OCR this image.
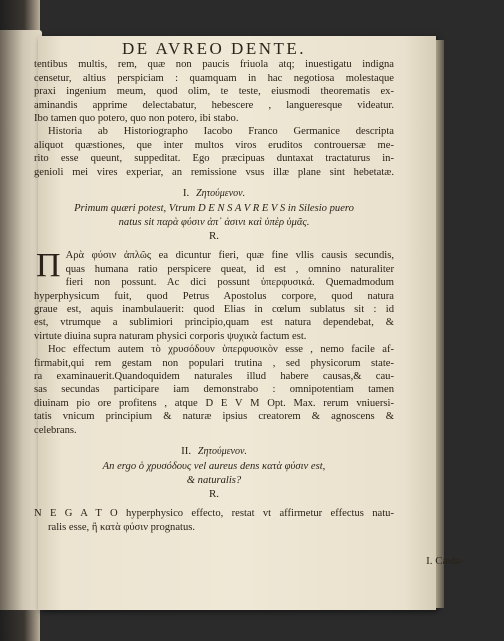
DE AVREO DENTE.
tentibus multis, rem, quæ non paucis friuola atq; inuestigatu indigna
censetur, altius perspiciam : quamquam in hac negotiosa molestaque
praxi ingenium meum, quod olim, te teste, eiusmodi theorematis ex-
aminandis apprime delectabatur, hebescere , langueresque videatur.
Ibo tamen quo potero, quo non potero, ibi stabo.
Historia ab Historiographo Iacobo Franco Germanice descripta
aliquot quæstiones, que inter multos viros eruditos controuersæ me-
rito esse queunt, suppeditat. Ego præcipuas duntaxat tractaturus in-
genioli mei vires experiar, an remissione vsus illæ plane sint hebetatæ.
I. Ζητούμενον.
Primum quæri potest, Vtrum D E N S A V R E V S in Silesio puero
natus sit παρὰ φύσιν ἀπ᾽ ἀσινι καὶ ὑπὲρ ὑμᾶς.
R.
Π Αρὰ φύσιν ἀπλῶς ea dicuntur fieri, quæ fine vllis causis secundis,
quas humana ratio perspicere queat, id est , omnino naturaliter
fieri non possunt. Ac dici possunt ὑπερφυσικά. Quemadmodum
hyperphysicum fuit, quod Petrus Apostolus corpore, quod natura
graue est, aquis inambulauerit: quod Elias in cœlum sublatus sit : id
est, vtrumque a sublimiori principio,quam est natura dependebat, &
virtute diuina supra naturam physici corporis ψυχικὰ factum est.
Hoc effectum autem τὸ χρυσόδουν ὑπερφυσικὸν esse , nemo facile af-
firmabit,qui rem gestam non populari trutina , sed physicorum state-
ra examinauerit.Quandoquidem naturales illud habere causas,& cau-
sas secundas participare iam demonstrabo : omnipotentiam tamen
diuinam pio ore profitens , atque D E V M Opt. Max. rerum vniuersi-
tatis vnicum principium & naturæ ipsius creatorem & agnoscens &
celebrans.
II. Ζητούμενον.
An ergo ὁ χρυσόδους vel aureus dens κατὰ φύσιν est,
& naturalis?
R.
N E G A T O hyperphysico effecto, restat vt affirmetur effectus natu-
ralis esse, ἢ κατὰ φύσιν prognatus.
I. Cæda-
